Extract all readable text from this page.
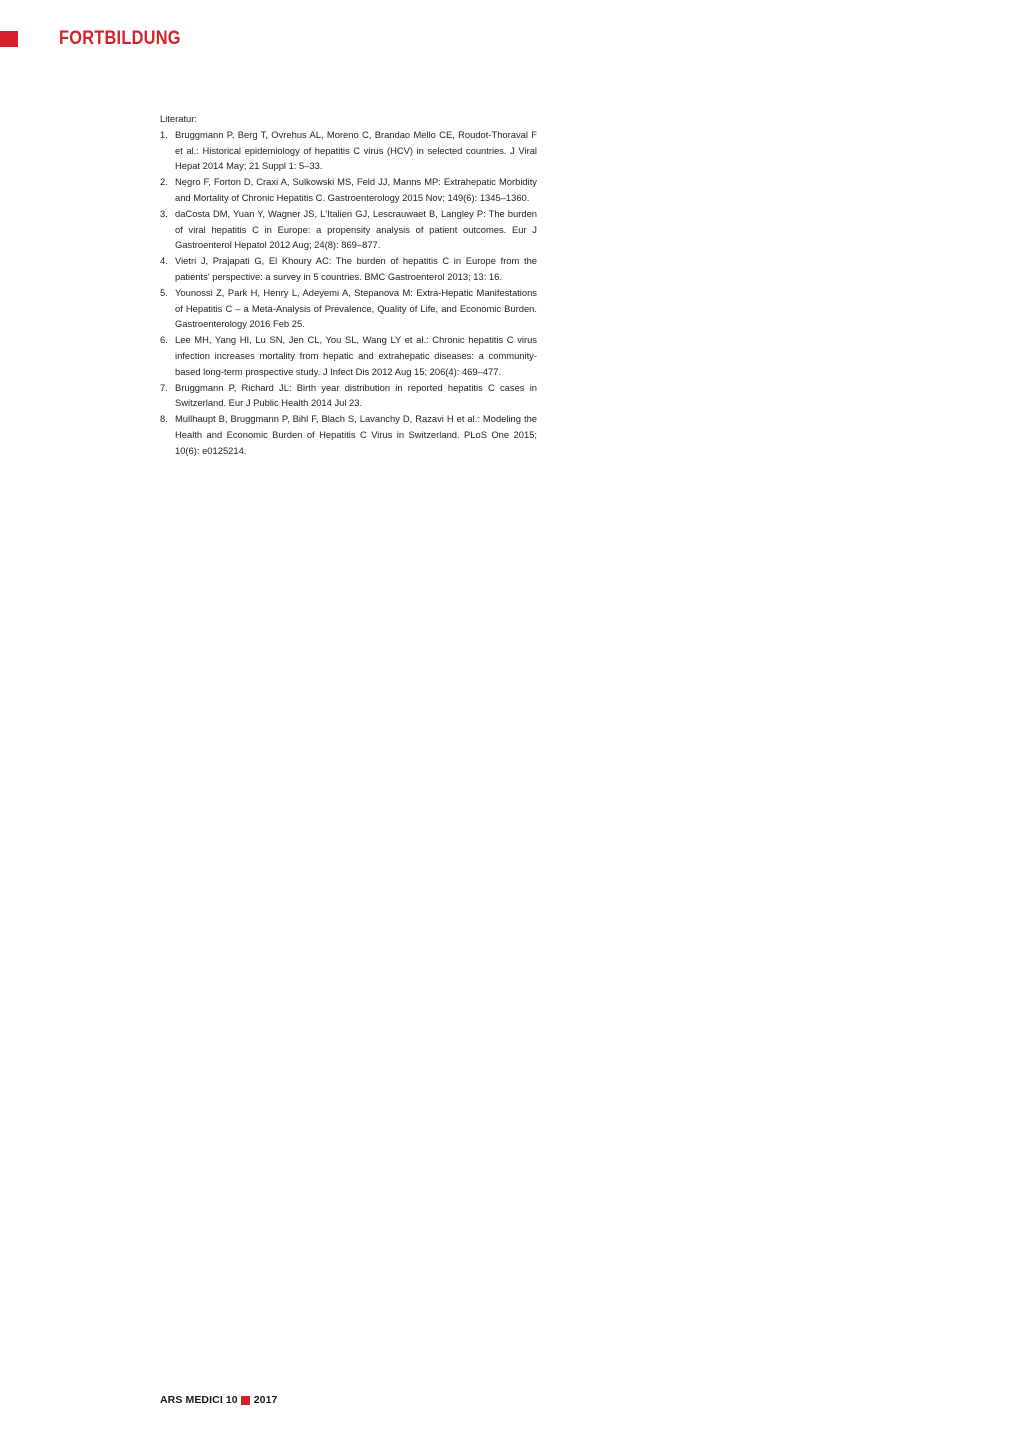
FORTBILDUNG

Literatur:

1. Bruggmann P, Berg T, Ovrehus AL, Moreno C, Brandao Mello CE, Roudot-Thoraval F et al.: Historical epidemiology of hepatitis C virus (HCV) in selected countries. J Viral Hepat 2014 May; 21 Suppl 1: 5–33.
2. Negro F, Forton D, Craxi A, Sulkowski MS, Feld JJ, Manns MP: Extrahepatic Morbidity and Mortality of Chronic Hepatitis C. Gastroenterology 2015 Nov; 149(6): 1345–1360.
3. daCosta DM, Yuan Y, Wagner JS, L'Italien GJ, Lescrauwaet B, Langley P: The burden of viral hepatitis C in Europe: a propensity analysis of patient outcomes. Eur J Gastroenterol Hepatol 2012 Aug; 24(8): 869–877.
4. Vietri J, Prajapati G, El Khoury AC: The burden of hepatitis C in Europe from the patients' perspective: a survey in 5 countries. BMC Gastroenterol 2013; 13: 16.
5. Younossi Z, Park H, Henry L, Adeyemi A, Stepanova M: Extra-Hepatic Manifestations of Hepatitis C – a Meta-Analysis of Prevalence, Quality of Life, and Economic Burden. Gastroenterology 2016 Feb 25.
6. Lee MH, Yang HI, Lu SN, Jen CL, You SL, Wang LY et al.: Chronic hepatitis C virus infection increases mortality from hepatic and extrahepatic diseases: a community-based long-term prospective study. J Infect Dis 2012 Aug 15; 206(4): 469–477.
7. Bruggmann P, Richard JL: Birth year distribution in reported hepatitis C cases in Switzerland. Eur J Public Health 2014 Jul 23.
8. Mullhaupt B, Bruggmann P, Bihl F, Blach S, Lavanchy D, Razavi H et al.: Modeling the Health and Economic Burden of Hepatitis C Virus in Switzerland. PLoS One 2015; 10(6): e0125214.
ARS MEDICI 10 2017
